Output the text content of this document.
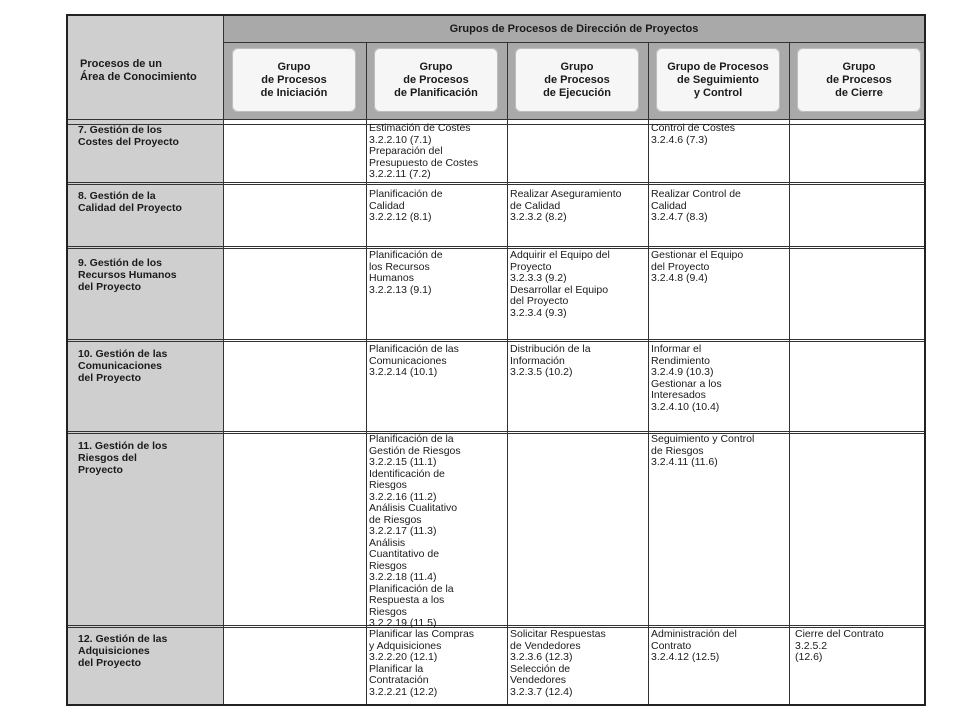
Procesos de un
Área de Conocimiento
Grupos de Procesos de Dirección de Proyectos
Grupo
de Procesos
de Iniciación
Grupo
de Procesos
de Planificación
Grupo
de Procesos
de Ejecución
Grupo de Procesos
de Seguimiento
y Control
Grupo
de Procesos
de Cierre
7. Gestión de los
Costes del Proyecto
Estimación de Costes
3.2.2.10 (7.1)
Preparación del
Presupuesto de Costes
3.2.2.11 (7.2)
Control de Costes
3.2.4.6 (7.3)
8. Gestión de la
Calidad del Proyecto
Planificación de
Calidad
3.2.2.12 (8.1)
Realizar Aseguramiento
de Calidad
3.2.3.2 (8.2)
Realizar Control de
Calidad
3.2.4.7 (8.3)
9. Gestión de los
Recursos Humanos
del Proyecto
Planificación de
los Recursos
Humanos
3.2.2.13 (9.1)
Adquirir el Equipo del
Proyecto
3.2.3.3 (9.2)
Desarrollar el Equipo
del Proyecto
3.2.3.4 (9.3)
Gestionar el Equipo
del Proyecto
3.2.4.8 (9.4)
10. Gestión de las
Comunicaciones
del Proyecto
Planificación de las
Comunicaciones
3.2.2.14 (10.1)
Distribución de la
Información
3.2.3.5 (10.2)
Informar el
Rendimiento
3.2.4.9 (10.3)
Gestionar a los
Interesados
3.2.4.10 (10.4)
11. Gestión de los
Riesgos del
Proyecto
Planificación de la
Gestión de Riesgos
3.2.2.15 (11.1)
Identificación de
Riesgos
3.2.2.16 (11.2)
Análisis Cualitativo
de Riesgos
3.2.2.17 (11.3)
Análisis
Cuantitativo de
Riesgos
3.2.2.18 (11.4)
Planificación de la
Respuesta a los
Riesgos
3.2.2.19 (11.5)
Seguimiento y Control
de Riesgos
3.2.4.11 (11.6)
12. Gestión de las
Adquisiciones
del Proyecto
Planificar las Compras
y Adquisiciones
3.2.2.20 (12.1)
Planificar la
Contratación
3.2.2.21 (12.2)
Solicitar Respuestas
de Vendedores
3.2.3.6 (12.3)
Selección de
Vendedores
3.2.3.7 (12.4)
Administración del
Contrato
3.2.4.12 (12.5)
Cierre del Contrato
3.2.5.2
(12.6)
